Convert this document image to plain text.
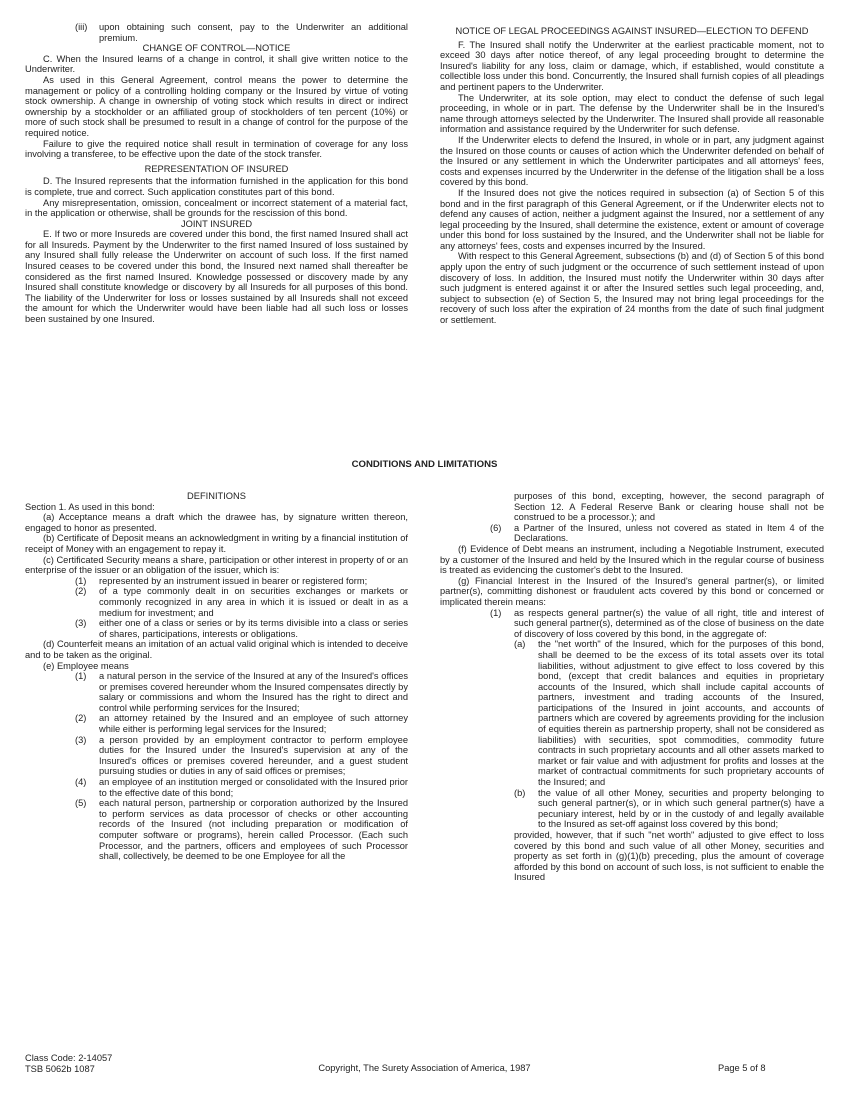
(iii)	upon obtaining such consent, pay to the Underwriter an additional premium.

CHANGE OF CONTROL—NOTICE

C. When the Insured learns of a change in control, it shall give written notice to the Underwriter.

As used in this General Agreement, control means the power to determine the management or policy of a controlling holding company or the Insured by virtue of voting stock ownership. A change in ownership of voting stock which results in direct or indirect ownership by a stockholder or an affiliated group of stockholders of ten percent (10%) or more of such stock shall be presumed to result in a change of control for the purpose of the required notice.

Failure to give the required notice shall result in termination of coverage for any loss involving a transferee, to be effective upon the date of the stock transfer.

REPRESENTATION OF INSURED

D. The Insured represents that the information furnished in the application for this bond is complete, true and correct. Such application constitutes part of this bond.

Any misrepresentation, omission, concealment or incorrect statement of a material fact, in the application or otherwise, shall be grounds for the rescission of this bond.

JOINT INSURED

E. If two or more Insureds are covered under this bond, the first named Insured shall act for all Insureds. Payment by the Underwriter to the first named Insured of loss sustained by any Insured shall fully release the Underwriter on account of such loss. If the first named Insured ceases to be covered under this bond, the Insured next named shall thereafter be considered as the first named Insured. Knowledge possessed or discovery made by any Insured shall constitute knowledge or discovery by all Insureds for all purposes of this bond. The liability of the Underwriter for loss or losses sustained by all Insureds shall not exceed the amount for which the Underwriter would have been liable had all such loss or losses been sustained by one Insured.

NOTICE OF LEGAL PROCEEDINGS AGAINST INSURED—ELECTION TO DEFEND

F. The Insured shall notify the Underwriter at the earliest practicable moment, not to exceed 30 days after notice thereof, of any legal proceeding brought to determine the Insured's liability for any loss, claim or damage, which, if established, would constitute a collectible loss under this bond. Concurrently, the Insured shall furnish copies of all pleadings and pertinent papers to the Underwriter.

The Underwriter, at its sole option, may elect to conduct the defense of such legal proceeding, in whole or in part. The defense by the Underwriter shall be in the Insured's name through attorneys selected by the Underwriter. The Insured shall provide all reasonable information and assistance required by the Underwriter for such defense.

If the Underwriter elects to defend the Insured, in whole or in part, any judgment against the Insured on those counts or causes of action which the Underwriter defended on behalf of the Insured or any settlement in which the Underwriter participates and all attorneys' fees, costs and expenses incurred by the Underwriter in the defense of the litigation shall be a loss covered by this bond.

If the Insured does not give the notices required in subsection (a) of Section 5 of this bond and in the first paragraph of this General Agreement, or if the Underwriter elects not to defend any causes of action, neither a judgment against the Insured, nor a settlement of any legal proceeding by the Insured, shall determine the existence, extent or amount of coverage under this bond for loss sustained by the Insured, and the Underwriter shall not be liable for any attorneys' fees, costs and expenses incurred by the Insured.

With respect to this General Agreement, subsections (b) and (d) of Section 5 of this bond apply upon the entry of such judgment or the occurrence of such settlement instead of upon discovery of loss. In addition, the Insured must notify the Underwriter within 30 days after such judgment is entered against it or after the Insured settles such legal proceeding, and, subject to subsection (e) of Section 5, the Insured may not bring legal proceedings for the recovery of such loss after the expiration of 24 months from the date of such final judgment or settlement.

CONDITIONS AND LIMITATIONS

DEFINITIONS

Section 1. As used in this bond:

(a) Acceptance means a draft which the drawee has, by signature written thereon, engaged to honor as presented.

(b) Certificate of Deposit means an acknowledgment in writing by a financial institution of receipt of Money with an engagement to repay it.

(c) Certificated Security means a share, participation or other interest in property of or an enterprise of the issuer or an obligation of the issuer, which is:

(1)	represented by an instrument issued in bearer or registered form;
(2)	of a type commonly dealt in on securities exchanges or markets or commonly recognized in any area in which it is issued or dealt in as a medium for investment; and
(3)	either one of a class or series or by its terms divisible into a class or series of shares, participations, interests or obligations.

(d) Counterfeit means an imitation of an actual valid original which is intended to deceive and to be taken as the original.

(e) Employee means

(1)	a natural person in the service of the Insured at any of the Insured's offices or premises covered hereunder whom the Insured compensates directly by salary or commissions and whom the Insured has the right to direct and control while performing services for the Insured;
(2)	an attorney retained by the Insured and an employee of such attorney while either is performing legal services for the Insured;
(3)	a person provided by an employment contractor to perform employee duties for the Insured under the Insured's supervision at any of the Insured's offices or premises covered hereunder, and a guest student pursuing studies or duties in any of said offices or premises;
(4)	an employee of an institution merged or consolidated with the Insured prior to the effective date of this bond;
(5)	each natural person, partnership or corporation authorized by the Insured to perform services as data processor of checks or other accounting records of the Insured (not including preparation or modification of computer software or programs), herein called Processor. (Each such Processor, and the partners, officers and employees of such Processor shall, collectively, be deemed to be one Employee for all the

purposes of this bond, excepting, however, the second paragraph of Section 12. A Federal Reserve Bank or clearing house shall not be construed to be a processor.); and

(6)	a Partner of the Insured, unless not covered as stated in Item 4 of the Declarations.

(f) Evidence of Debt means an instrument, including a Negotiable Instrument, executed by a customer of the Insured and held by the Insured which in the regular course of business is treated as evidencing the customer's debt to the Insured.

(g) Financial Interest in the Insured of the Insured's general partner(s), or limited partner(s), committing dishonest or fraudulent acts covered by this bond or concerned or implicated therein means:

(1)	as respects general partner(s) the value of all right, title and interest of such general partner(s), determined as of the close of business on the date of discovery of loss covered by this bond, in the aggregate of:
(a)	the "net worth" of the Insured, which for the purposes of this bond, shall be deemed to be the excess of its total assets over its total liabilities, without adjustment to give effect to loss covered by this bond, (except that credit balances and equities in proprietary accounts of the Insured, which shall include capital accounts of partners, investment and trading accounts of the Insured, participations of the Insured in joint accounts, and accounts of partners which are covered by agreements providing for the inclusion of equities therein as partnership property, shall not be considered as liabilities) with securities, spot commodities, commodity future contracts in such proprietary accounts and all other assets marked to market or fair value and with adjustment for profits and losses at the market of contractual commitments for such proprietary accounts of the Insured; and
(b)	the value of all other Money, securities and property belonging to such general partner(s), or in which such general partner(s) have a pecuniary interest, held by or in the custody of and legally available to the Insured as set-off against loss covered by this bond;

provided, however, that if such "net worth" adjusted to give effect to loss covered by this bond and such value of all other Money, securities and property as set forth in (g)(1)(b) preceding, plus the amount of coverage afforded by this bond on account of such loss, is not sufficient to enable the Insured

Class Code: 2-14057
TSB 5062b 1087	Copyright, The Surety Association of America, 1987	Page 5 of 8
